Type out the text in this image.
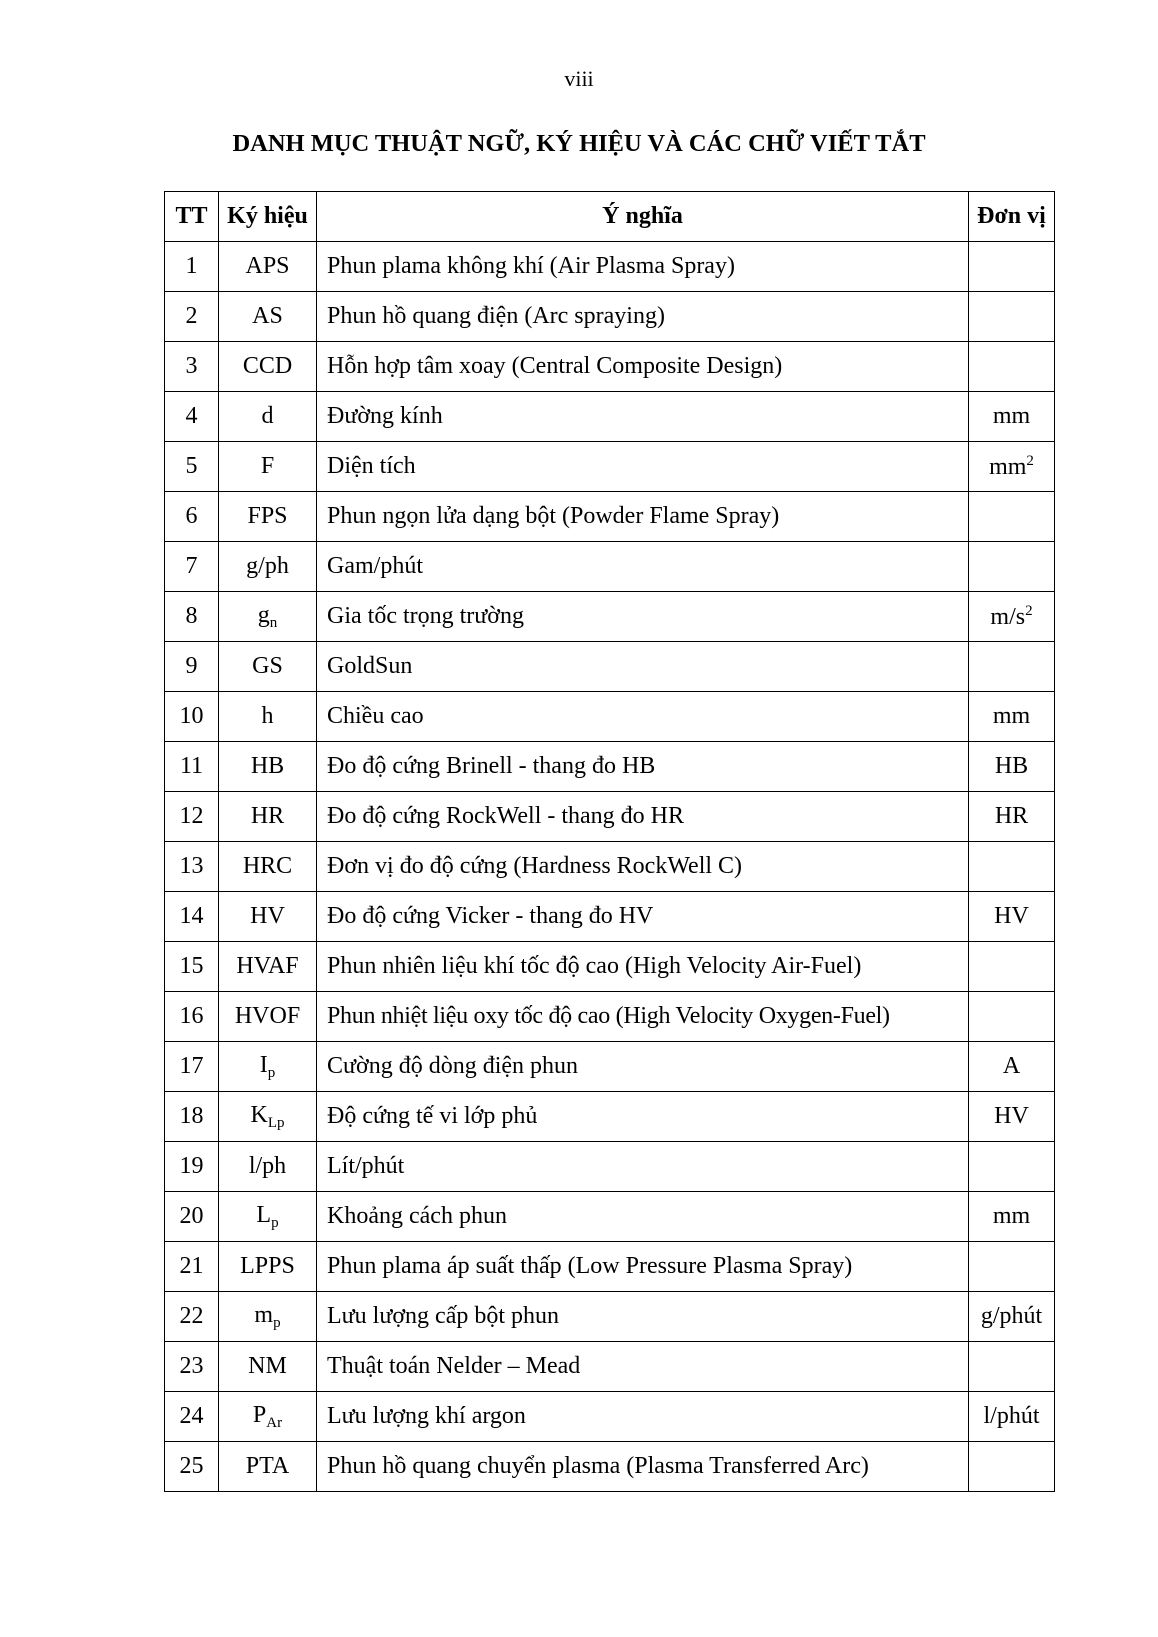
viii
DANH MỤC THUẬT NGỮ, KÝ HIỆU VÀ CÁC CHỮ VIẾT TẮT
TT	Ký hiệu	Ý nghĩa	Đơn vị
1	APS	Phun plama không khí (Air Plasma Spray)	
2	AS	Phun hồ quang điện (Arc spraying)	
3	CCD	Hỗn hợp tâm xoay (Central Composite Design)	
4	d	Đường kính	mm
5	F	Diện tích	$mm^2$
6	FPS	Phun ngọn lửa dạng bột (Powder Flame Spray)	
7	g/ph	Gam/phút	
8	$g_n$	Gia tốc trọng trường	$m/s^2$
9	GS	GoldSun	
10	h	Chiều cao	mm
11	HB	Đo độ cứng Brinell - thang đo HB	HB
12	HR	Đo độ cứng RockWell - thang đo HR	HR
13	HRC	Đơn vị đo độ cứng (Hardness RockWell C)	
14	HV	Đo độ cứng Vicker - thang đo HV	HV
15	HVAF	Phun nhiên liệu khí tốc độ cao (High Velocity Air-Fuel)	
16	HVOF	Phun nhiệt liệu oxy tốc độ cao (High Velocity Oxygen-Fuel)	
17	$I_p$	Cường độ dòng điện phun	A
18	$K_{Lp}$	Độ cứng tế vi lớp phủ	HV
19	l/ph	Lít/phút	
20	$L_p$	Khoảng cách phun	mm
21	LPPS	Phun plama áp suất thấp (Low Pressure Plasma Spray)	
22	$m_p$	Lưu lượng cấp bột phun	g/phút
23	NM	Thuật toán Nelder – Mead	
24	$P_{Ar}$	Lưu lượng khí argon	l/phút
25	PTA	Phun hồ quang chuyển plasma (Plasma Transferred Arc)	
